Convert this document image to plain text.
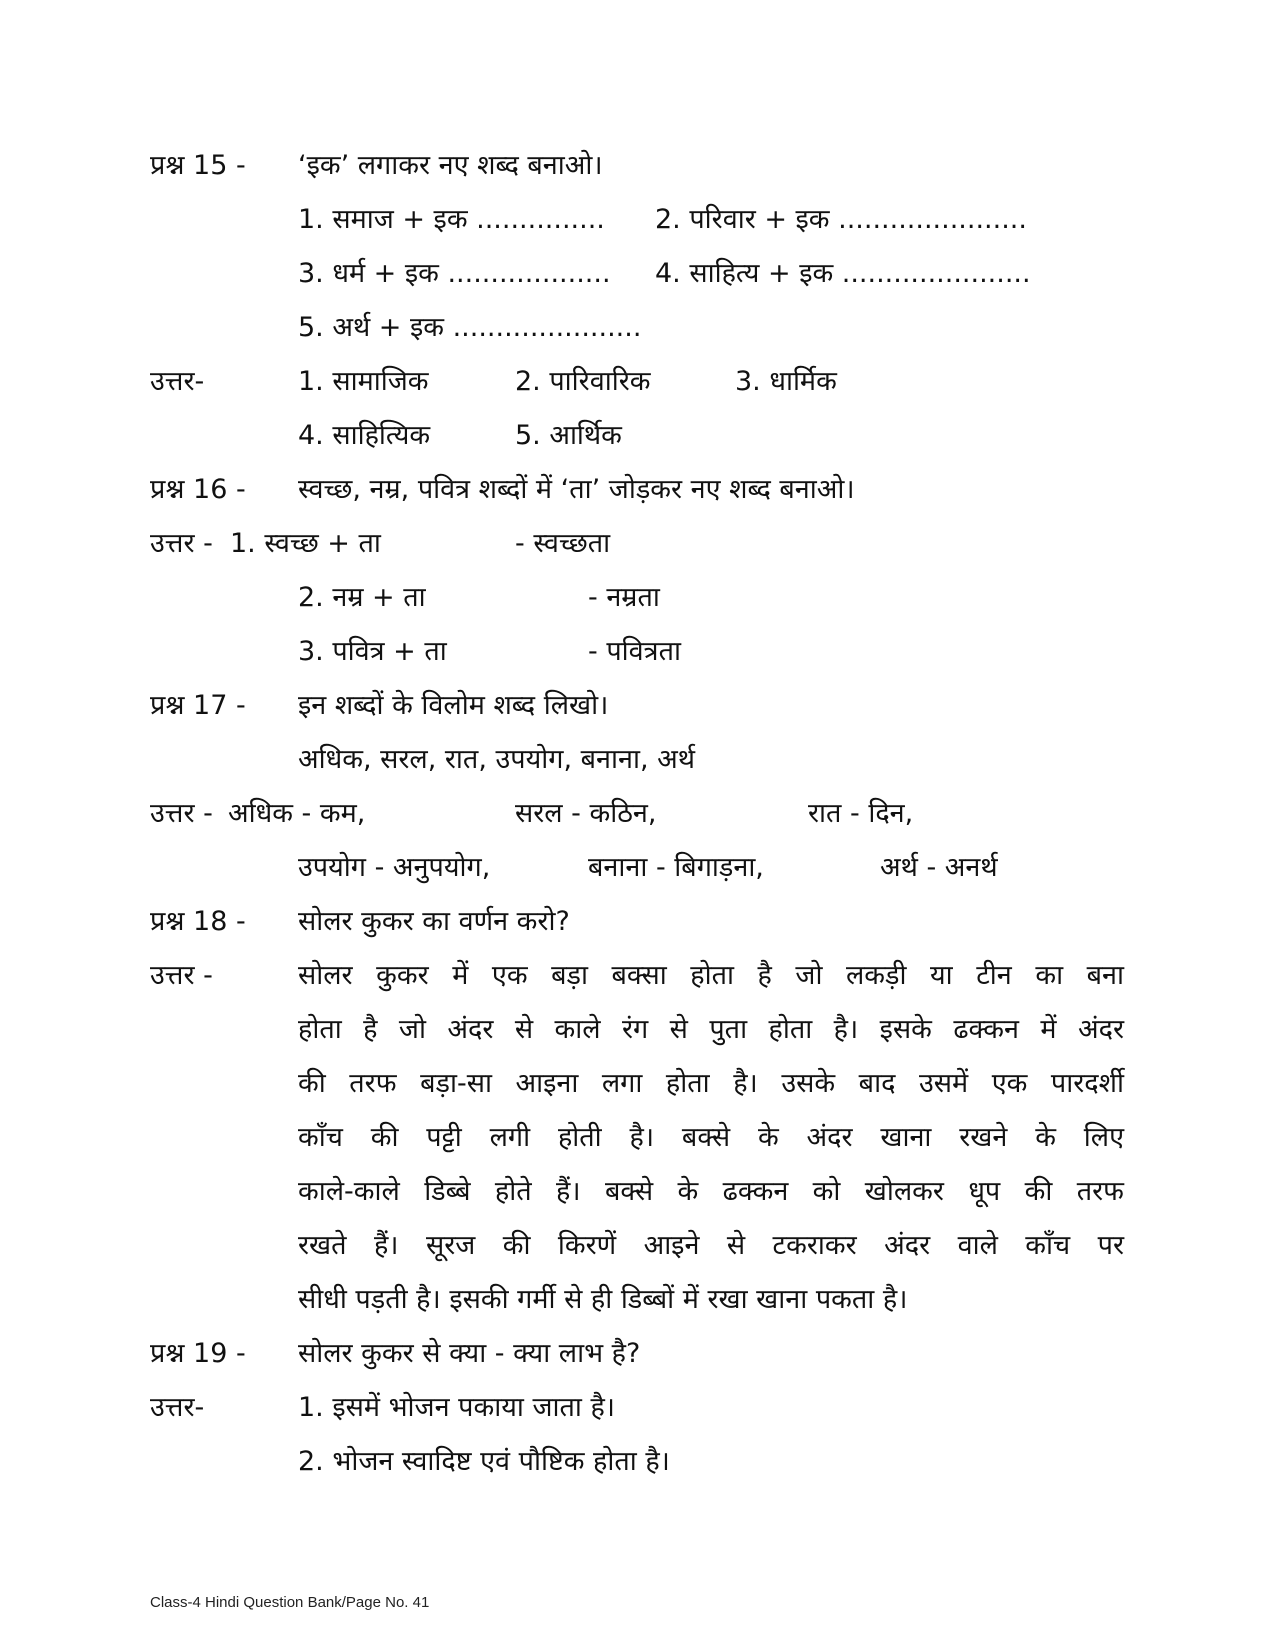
प्रश्न 15 - ‘इक’ लगाकर नए शब्द बनाओ।
1. समाज + इक ............... 2. परिवार + इक ......................
3. धर्म + इक ................... 4. साहित्य + इक ......................
5. अर्थ + इक ......................
उत्तर-	1. सामाजिक	2. पारिवारिक	3. धार्मिक
4. साहित्यिक	5. आर्थिक
प्रश्न 16 - स्वच्छ, नम्र, पवित्र शब्दों में ‘ता’ जोड़कर नए शब्द बनाओ।
उत्तर - 1. स्वच्छ + ता	- स्वच्छता
2. नम्र + ता	- नम्रता
3. पवित्र + ता	- पवित्रता
प्रश्न 17 - इन शब्दों के विलोम शब्द लिखो।
अधिक, सरल, रात, उपयोग, बनाना, अर्थ
उत्तर - अधिक - कम,	सरल - कठिन,	रात - दिन,
उपयोग - अनुपयोग,	बनाना - बिगाड़ना,	अर्थ - अनर्थ
प्रश्न 18 - सोलर कुकर का वर्णन करो?
उत्तर -	सोलर कुकर में एक बड़ा बक्सा होता है जो लकड़ी या टीन का बना
होता है जो अंदर से काले रंग से पुता होता है। इसके ढक्कन में अंदर
की तरफ बड़ा-सा आइना लगा होता है। उसके बाद उसमें एक पारदर्शी
काँच की पट्टी लगी होती है। बक्से के अंदर खाना रखने के लिए
काले-काले डिब्बे होते हैं। बक्से के ढक्कन को खोलकर धूप की तरफ
रखते हैं। सूरज की किरणें आइने से टकराकर अंदर वाले काँच पर
सीधी पड़ती है। इसकी गर्मी से ही डिब्बों में रखा खाना पकता है।
प्रश्न 19 - सोलर कुकर से क्या - क्या लाभ है?
उत्तर-	1. इसमें भोजन पकाया जाता है।
2. भोजन स्वादिष्ट एवं पौष्टिक होता है।
Class-4 Hindi Question Bank/Page No. 41
